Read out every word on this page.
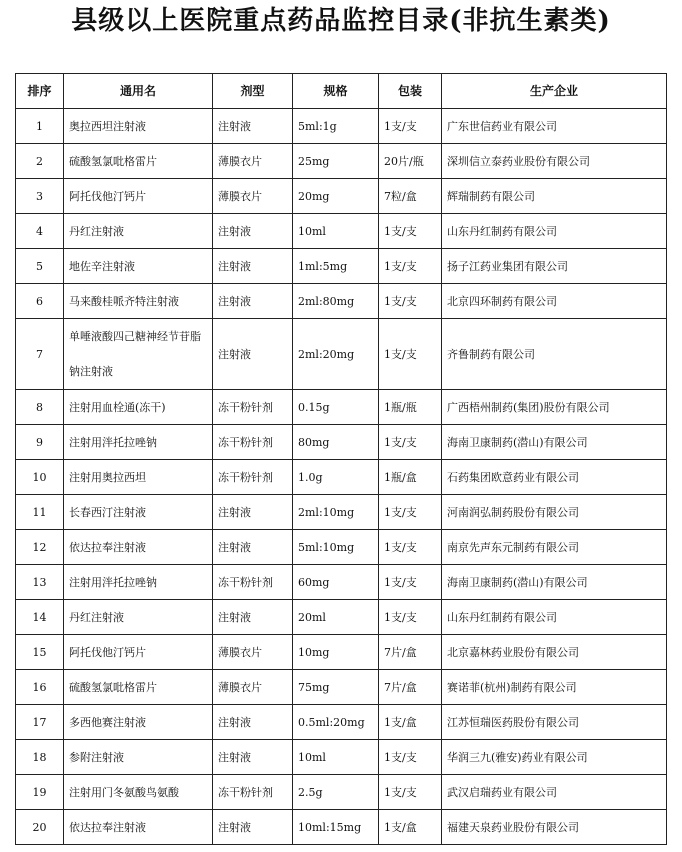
县级以上医院重点药品监控目录(非抗生素类)
排序	通用名	剂型	规格	包装	生产企业
1	奥拉西坦注射液	注射液	5ml:1g	1支/支	广东世信药业有限公司
2	硫酸氢氯吡格雷片	薄膜衣片	25mg	20片/瓶	深圳信立泰药业股份有限公司
3	阿托伐他汀钙片	薄膜衣片	20mg	7粒/盒	辉瑞制药有限公司
4	丹红注射液	注射液	10ml	1支/支	山东丹红制药有限公司
5	地佐辛注射液	注射液	1ml:5mg	1支/支	扬子江药业集团有限公司
6	马来酸桂哌齐特注射液	注射液	2ml:80mg	1支/支	北京四环制药有限公司
7	单唾液酸四己糖神经节苷脂钠注射液	注射液	2ml:20mg	1支/支	齐鲁制药有限公司
8	注射用血栓通(冻干)	冻干粉针剂	0.15g	1瓶/瓶	广西梧州制药(集团)股份有限公司
9	注射用泮托拉唑钠	冻干粉针剂	80mg	1支/支	海南卫康制药(潜山)有限公司
10	注射用奥拉西坦	冻干粉针剂	1.0g	1瓶/盒	石药集团欧意药业有限公司
11	长春西汀注射液	注射液	2ml:10mg	1支/支	河南润弘制药股份有限公司
12	依达拉奉注射液	注射液	5ml:10mg	1支/支	南京先声东元制药有限公司
13	注射用泮托拉唑钠	冻干粉针剂	60mg	1支/支	海南卫康制药(潜山)有限公司
14	丹红注射液	注射液	20ml	1支/支	山东丹红制药有限公司
15	阿托伐他汀钙片	薄膜衣片	10mg	7片/盒	北京嘉林药业股份有限公司
16	硫酸氢氯吡格雷片	薄膜衣片	75mg	7片/盒	赛诺菲(杭州)制药有限公司
17	多西他赛注射液	注射液	0.5ml:20mg	1支/盒	江苏恒瑞医药股份有限公司
18	参附注射液	注射液	10ml	1支/支	华润三九(雅安)药业有限公司
19	注射用门冬氨酸鸟氨酸	冻干粉针剂	2.5g	1支/支	武汉启瑞药业有限公司
20	依达拉奉注射液	注射液	10ml:15mg	1支/盒	福建天泉药业股份有限公司
